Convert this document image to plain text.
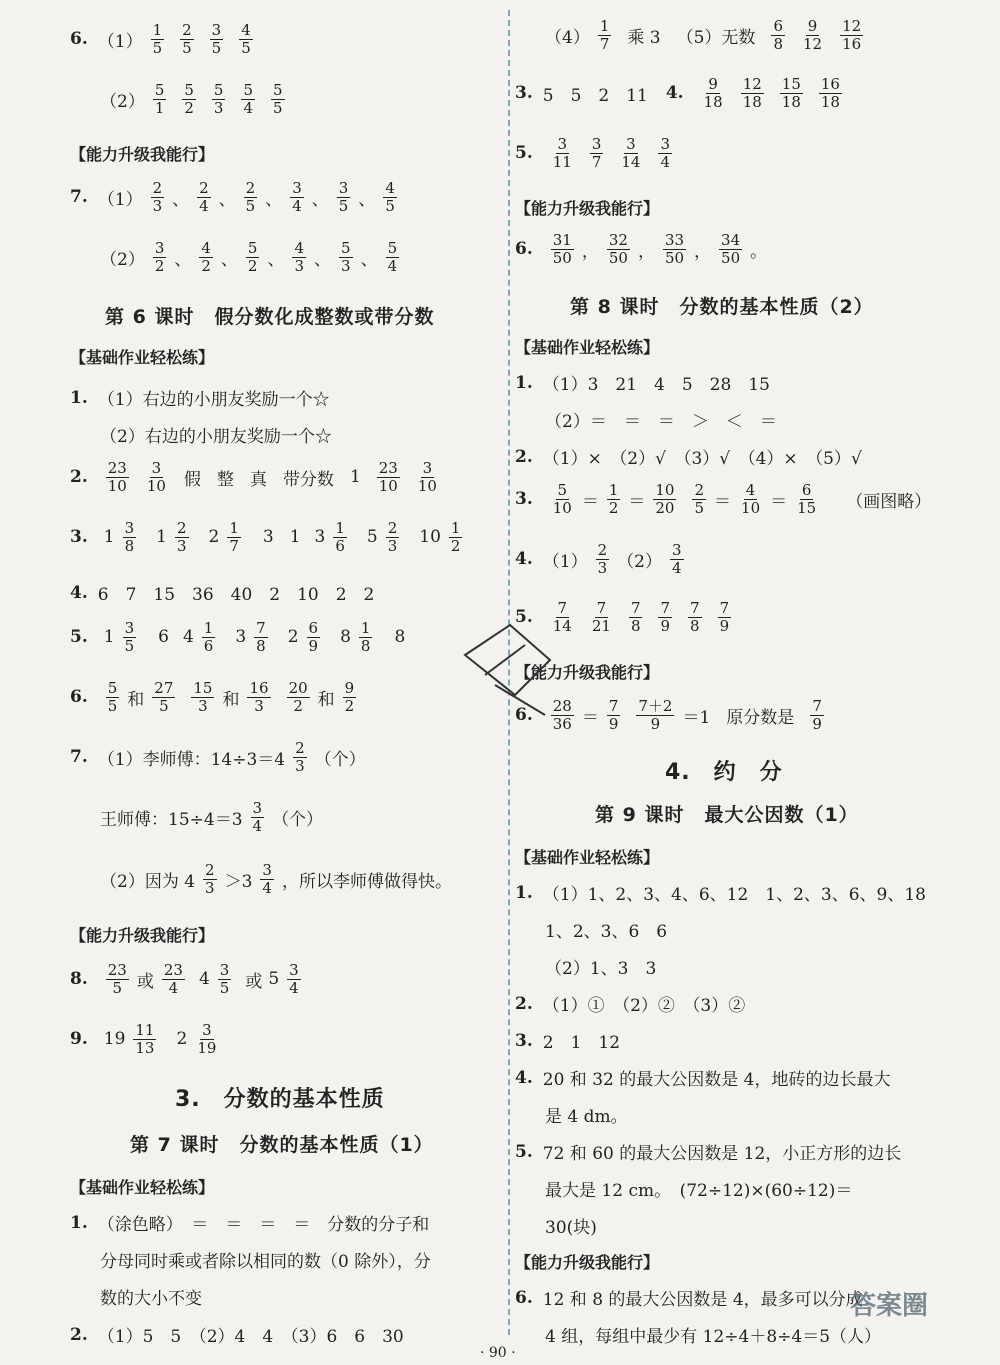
6. $(1) \frac{1}{5} \frac{2}{5} \frac{3}{5} \frac{4}{5}$
$(2) \frac{5}{1} \frac{5}{2} \frac{5}{3} \frac{5}{4} \frac{5}{5}$
【能力升级我能行】
7. $(1) \frac{2}{3}$ 、 $\frac{2}{4}$ 、 $\frac{2}{5}$ 、 $\frac{3}{4}$ 、 $\frac{3}{5}$ 、 $\frac{4}{5}$
$(2) \frac{3}{2}$ 、 $\frac{4}{2}$ 、 $\frac{5}{2}$ 、 $\frac{4}{3}$ 、 $\frac{5}{3}$ 、 $\frac{5}{4}$
第 6 课时　假分数化成整数或带分数
【基础作业轻松练】
1. （1）右边的小朋友奖励一个☆
（2）右边的小朋友奖励一个☆
2. $\frac{23}{10} \frac{3}{10}$ 假 整 真 带分数 $1 \frac{23}{10} \frac{3}{10}$
3. $1 \frac{3}{8} 1 \frac{2}{3} 2 \frac{1}{7} 3$ 1 $3 \frac{1}{6} 5 \frac{2}{3} 10 \frac{1}{2}$
4. 6　7　15　36　40　2　10　2　2
5. $1 \frac{3}{5} 6$ $4 \frac{1}{6} 3 \frac{7}{8} 2 \frac{6}{9} 8 \frac{1}{8} 8$
6. $\frac{5}{5}$ 和 $\frac{27}{5} \frac{15}{3}$ 和 $\frac{16}{3} \frac{20}{2}$ 和 $\frac{9}{2}$
7. （1）李师傅：$14\div 3=4 \frac{2}{3}$ （个）
王师傅：$15\div 4=3 \frac{3}{4}$ （个）
（2）因为 $4 \frac{2}{3} >3 \frac{3}{4}$ ，所以李师傅做得快。
【能力升级我能行】
8. $\frac{23}{5}$ 或 $\frac{23}{4} 4 \frac{3}{5}$ 或 $5 \frac{3}{4}$
9. $19 \frac{11}{13} 2 \frac{3}{19}$
3.　分数的基本性质
第 7 课时　分数的基本性质（1）
【基础作业轻松练】
1. （涂色略）　＝　＝　＝　＝　分数的分子和
分母同时乘或者除以相同的数（0 除外），分
数的大小不变
2. （1）5　5　（2）4　4　（3）6　6　30
$(4) \frac{1}{7}$ 乘 3 （5）无数 $\frac{6}{8} \frac{9}{12} \frac{12}{16}$
3. 5　5　2　11 4. $\frac{9}{18} \frac{12}{18} \frac{15}{18} \frac{16}{18}$
5. $\frac{3}{11} \frac{3}{7} \frac{3}{14} \frac{3}{4}$
【能力升级我能行】
6. $\frac{31}{50}$ ， $\frac{32}{50}$ ， $\frac{33}{50}$ ， $\frac{34}{50}$ 。
第 8 课时　分数的基本性质（2）
【基础作业轻松练】
1. （1）3　21　4　5　28　15
（2）＝　＝　＝　＞　＜　＝
2. （1）×　（2）√　（3）√　（4）×　（5）√
3. $\frac{5}{10} = \frac{1}{2} = \frac{10}{20} \frac{2}{5} = \frac{4}{10} = \frac{6}{15}$ （画图略）
4. $(1) \frac{2}{3} (2) \frac{3}{4}$
5. $\frac{7}{14} \frac{7}{21} \frac{7}{8} \frac{7}{9} \frac{7}{8} \frac{7}{9}$
【能力升级我能行】
6. $\frac{28}{36} = \frac{7}{9} \frac{7+2}{9} =1$ 原分数是 $\frac{7}{9}$
4.　约　分
第 9 课时　最大公因数（1）
【基础作业轻松练】
1. （1）1、2、3、4、6、12　1、2、3、6、9、18
1、2、3、6　6
（2）1、3　3
2. （1）①　（2）②　（3）②
3. 2　1　12
4. 20 和 32 的最大公因数是 4，地砖的边长最大
是 4 dm。
5. 72 和 60 的最大公因数是 12，小正方形的边长
最大是 12 cm。　(72÷12)×(60÷12)＝
30(块)
【能力升级我能行】
6. 12 和 8 的最大公因数是 4，最多可以分成
4 组，每组中最少有 12÷4＋8÷4＝5（人）
· 90 ·
答案圈
